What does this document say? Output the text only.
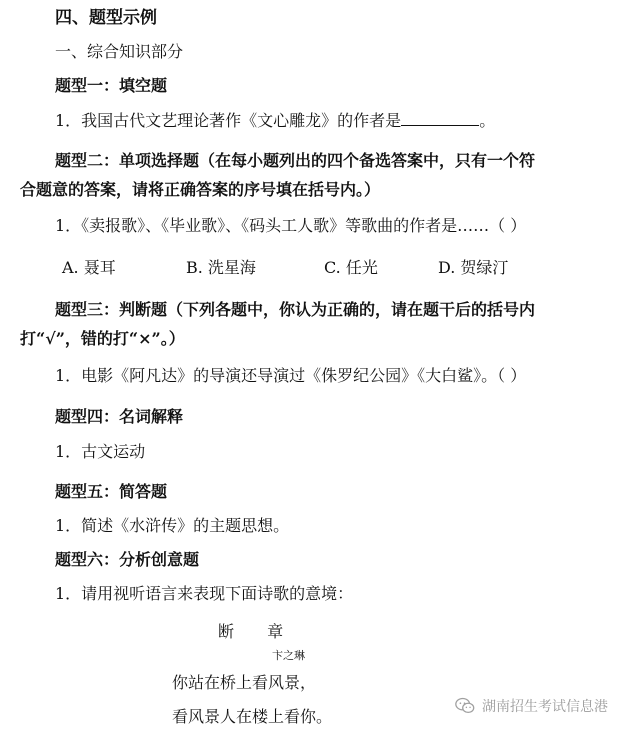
四、题型示例
一、综合知识部分
题型一：填空题
1．我国古代文艺理论著作《文心雕龙》的作者是	。
题型二：单项选择题（在每小题列出的四个备选答案中，只有一个符
合题意的答案，请将正确答案的序号填在括号内。）
1．《卖报歌》、《毕业歌》、《码头工人歌》等歌曲的作者是……（ ）
A. 聂耳	B. 洗星海	C. 任光	D. 贺绿汀
题型三：判断题（下列各题中，你认为正确的，请在题干后的括号内
打“√”，错的打“×”。）
1．电影《阿凡达》的导演还导演过《侏罗纪公园》《大白鲨》。（ ）
题型四：名词解释
1．古文运动
题型五：简答题
1．简述《水浒传》的主题思想。
题型六：分析创意题
1．请用视听语言来表现下面诗歌的意境：
断 章
卞之琳
你站在桥上看风景，
看风景人在楼上看你。	湖南招生考试信息港
